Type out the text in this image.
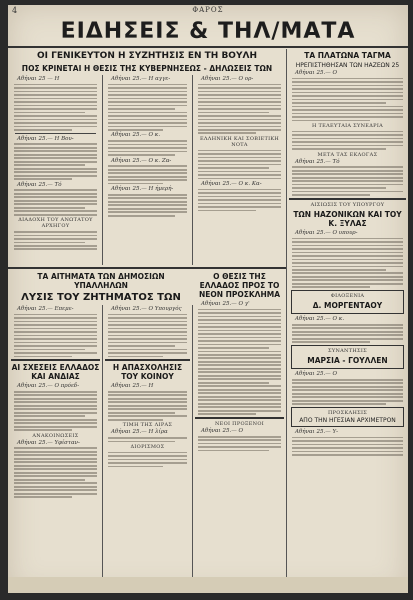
4	ΦΑΡΟΣ
ΕΙΔΗΣΕΙΣ & ΤΗΛ/ΜΑΤΑ
ΟΙ ΓΕΝΙΚΕΥΤΟΝ Η ΣΥΖΗΤΗΣΙΣ ΕΝ ΤΗ ΒΟΥΛΗ
ΠΟΣ ΚΡΙΝΕΤΑΙ Η ΘΕΣΙΣ ΤΗΣ ΚΥΒΕΡΝΗΣΕΩΣ - ΔΗΛΩΣΕΙΣ ΤΩΝ
Αθήναι 25 — Η
Αθήναι 25.— Η Βου-
Αθήναι 25.— Τό
ΔΙΑΔΟΧΗ ΤΟΥ ΑΝΩΤΑΤΟΥ ΑΡΧΗΓΟΥ
Αθήναι 25.— Η αγγε-
Αθήναι 25.— Ο κ.
Αθήναι 25.— Ο κ. Ζα-
Αθήναι 25.— Η ήμερή-
Αθήναι 25.— Ο ορ-
ΕΛΛΗΝΙΚΗ ΚΑΙ ΣΟΒΙΕΤΙΚΗ ΝΟΤΑ
Αθήναι 25.— Ο κ. Κα-
ΤΑ ΠΛΑΤΩΝΑ ΤΑΓΜΑ
ΗΡΕΠΙΣΤΗΘΗΣΑΝ ΤΩΝ ΗΑΖΕΩΝ 25
Αθήναι 25.— Ο
Η ΤΕΛΕΥΤΑΙΑ ΣΥΝΕΔΡΙΑ
ΜΕΤΑ ΤΑΣ ΕΚΛΟΓΑΣ
Αθήναι 25.— Τό
ΑΙΣΙΩΣΙΣ ΤΟΥ ΥΠΟΥΡΓΟΥ
ΤΩΝ ΗΑΖΟΝΙΚΩΝ ΚΑΙ ΤΟΥ Κ. ΞΥΛΑΣ
Αθήναι 25.— Ο υπουρ-
ΦΙΛΟΞΕΝΙΑ
Δ. ΜΟΡΓΕΝΤΑΟΥ
Αθήναι 25.— Ο κ.
ΣΥΝΑΝΤΗΣΙΣ
ΜΑΡΣΙΑ - ΓΟΥΛΛΕΝ
Αθήναι 25.— Ο
ΠΡΟΣΚΛΗΣΙΣ
ΑΠΟ ΤΗΝ ΗΓΕΣΙΑΝ ΑΡΧΙΜΕΤΡΟΝ
Αθήναι 25.— Υ-
ΤΑ ΑΙΤΗΜΑΤΑ ΤΩΝ ΔΗΜΟΣΙΩΝ ΥΠΑΛΛΗΛΩΝ
ΛΥΣΙΣ ΤΟΥ ΖΗΤΗΜΑΤΟΣ ΤΩΝ
Αθήναι 25.— Επεμε-
ΑΙ ΣΧΕΣΕΙΣ ΕΛΛΑΔΟΣ ΚΑΙ ΑΝΔΙΑΣ
Αθήναι 25.— Ο πρόεδ-
ΑΝΑΚΟΙΝΩΣΕΙΣ
Αθήναι 25.— Υφίσταν-
Αθήναι 25.— Ο Υπουργός
Η ΑΠΑΣΧΟΛΗΣΙΣ ΤΟΥ ΚΟΙΝΟΥ
Αθήναι 25.— Η
ΤΙΜΗ ΤΗΣ ΛΙΡΑΣ
Αθήναι 25.— Η λίρα
ΔΙΟΡΙΣΜΟΣ
Ο ΘΕΣΙΣ ΤΗΣ ΕΛΛΑΔΟΣ ΠΡΟΣ ΤΟ ΝΕΟΝ ΠΡΟΣΚΛΗΜΑ
Αθήναι 25.— Ο γ'
ΝΕΟΙ ΠΡΟΞΕΝΟΙ
Αθήναι 25.— Ο
